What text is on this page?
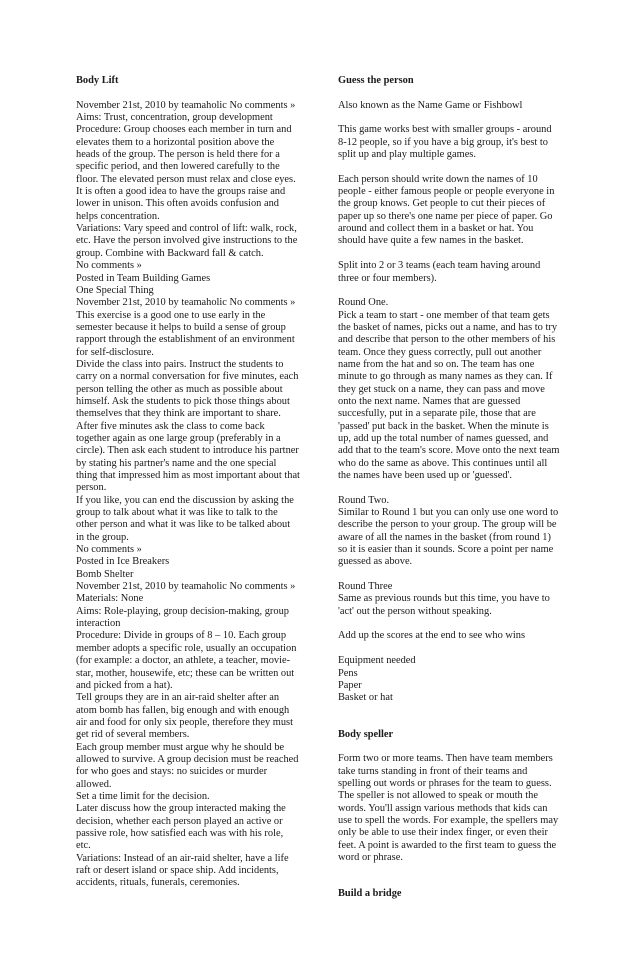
Body Lift
November 21st, 2010 by teamaholic No comments »
Aims: Trust, concentration, group development
Procedure: Group chooses each member in turn and
elevates them to a horizontal position above the
heads of the group. The person is held there for a
specific period, and then lowered carefully to the
floor. The elevated person must relax and close eyes.
It is often a good idea to have the groups raise and
lower in unison. This often avoids confusion and
helps concentration.
Variations: Vary speed and control of lift: walk, rock,
etc. Have the person involved give instructions to the
group. Combine with Backward fall & catch.
No comments »
Posted in Team Building Games
One Special Thing
November 21st, 2010 by teamaholic No comments »
This exercise is a good one to use early in the
semester because it helps to build a sense of group
rapport through the establishment of an environment
for self-disclosure.
Divide the class into pairs. Instruct the students to
carry on a normal conversation for five minutes, each
person telling the other as much as possible about
himself. Ask the students to pick those things about
themselves that they think are important to share.
After five minutes ask the class to come back
together again as one large group (preferably in a
circle). Then ask each student to introduce his partner
by stating his partner's name and the one special
thing that impressed him as most important about that
person.
If you like, you can end the discussion by asking the
group to talk about what it was like to talk to the
other person and what it was like to be talked about
in the group.
No comments »
Posted in Ice Breakers
Bomb Shelter
November 21st, 2010 by teamaholic No comments »
Materials: None
Aims: Role-playing, group decision-making, group
interaction
Procedure: Divide in groups of 8 – 10. Each group
member adopts a specific role, usually an occupation
(for example: a doctor, an athlete, a teacher, movie-
star, mother, housewife, etc; these can be written out
and picked from a hat).
Tell groups they are in an air-raid shelter after an
atom bomb has fallen, big enough and with enough
air and food for only six people, therefore they must
get rid of several members.
Each group member must argue why he should be
allowed to survive. A group decision must be reached
for who goes and stays: no suicides or murder
allowed.
Set a time limit for the decision.
Later discuss how the group interacted making the
decision, whether each person played an active or
passive role, how satisfied each was with his role,
etc.
Variations: Instead of an air-raid shelter, have a life
raft or desert island or space ship. Add incidents,
accidents, rituals, funerals, ceremonies.
Guess the person
Also known as the Name Game or Fishbowl
This game works best with smaller groups - around
8-12 people, so if you have a big group, it's best to
split up and play multiple games.
Each person should write down the names of 10
people - either famous people or people everyone in
the group knows. Get people to cut their pieces of
paper up so there's one name per piece of paper. Go
around and collect them in a basket or hat. You
should have quite a few names in the basket.
Split into 2 or 3 teams (each team having around
three or four members).
Round One.
Pick a team to start - one member of that team gets
the basket of names, picks out a name, and has to try
and describe that person to the other members of his
team. Once they guess correctly, pull out another
name from the hat and so on. The team has one
minute to go through as many names as they can. If
they get stuck on a name, they can pass and move
onto the next name. Names that are guessed
succesfully, put in a separate pile, those that are
'passed' put back in the basket. When the minute is
up, add up the total number of names guessed, and
add that to the team's score. Move onto the next team
who do the same as above. This continues until all
the names have been used up or 'guessed'.
Round Two.
Similar to Round 1 but you can only use one word to
describe the person to your group. The group will be
aware of all the names in the basket (from round 1)
so it is easier than it sounds. Score a point per name
guessed as above.
Round Three
Same as previous rounds but this time, you have to
'act' out the person without speaking.
Add up the scores at the end to see who wins
Equipment needed
Pens
Paper
Basket or hat
Body speller
Form two or more teams. Then have team members
take turns standing in front of their teams and
spelling out words or phrases for the team to guess.
The speller is not allowed to speak or mouth the
words. You'll assign various methods that kids can
use to spell the words. For example, the spellers may
only be able to use their index finger, or even their
feet. A point is awarded to the first team to guess the
word or phrase.
Build a bridge
